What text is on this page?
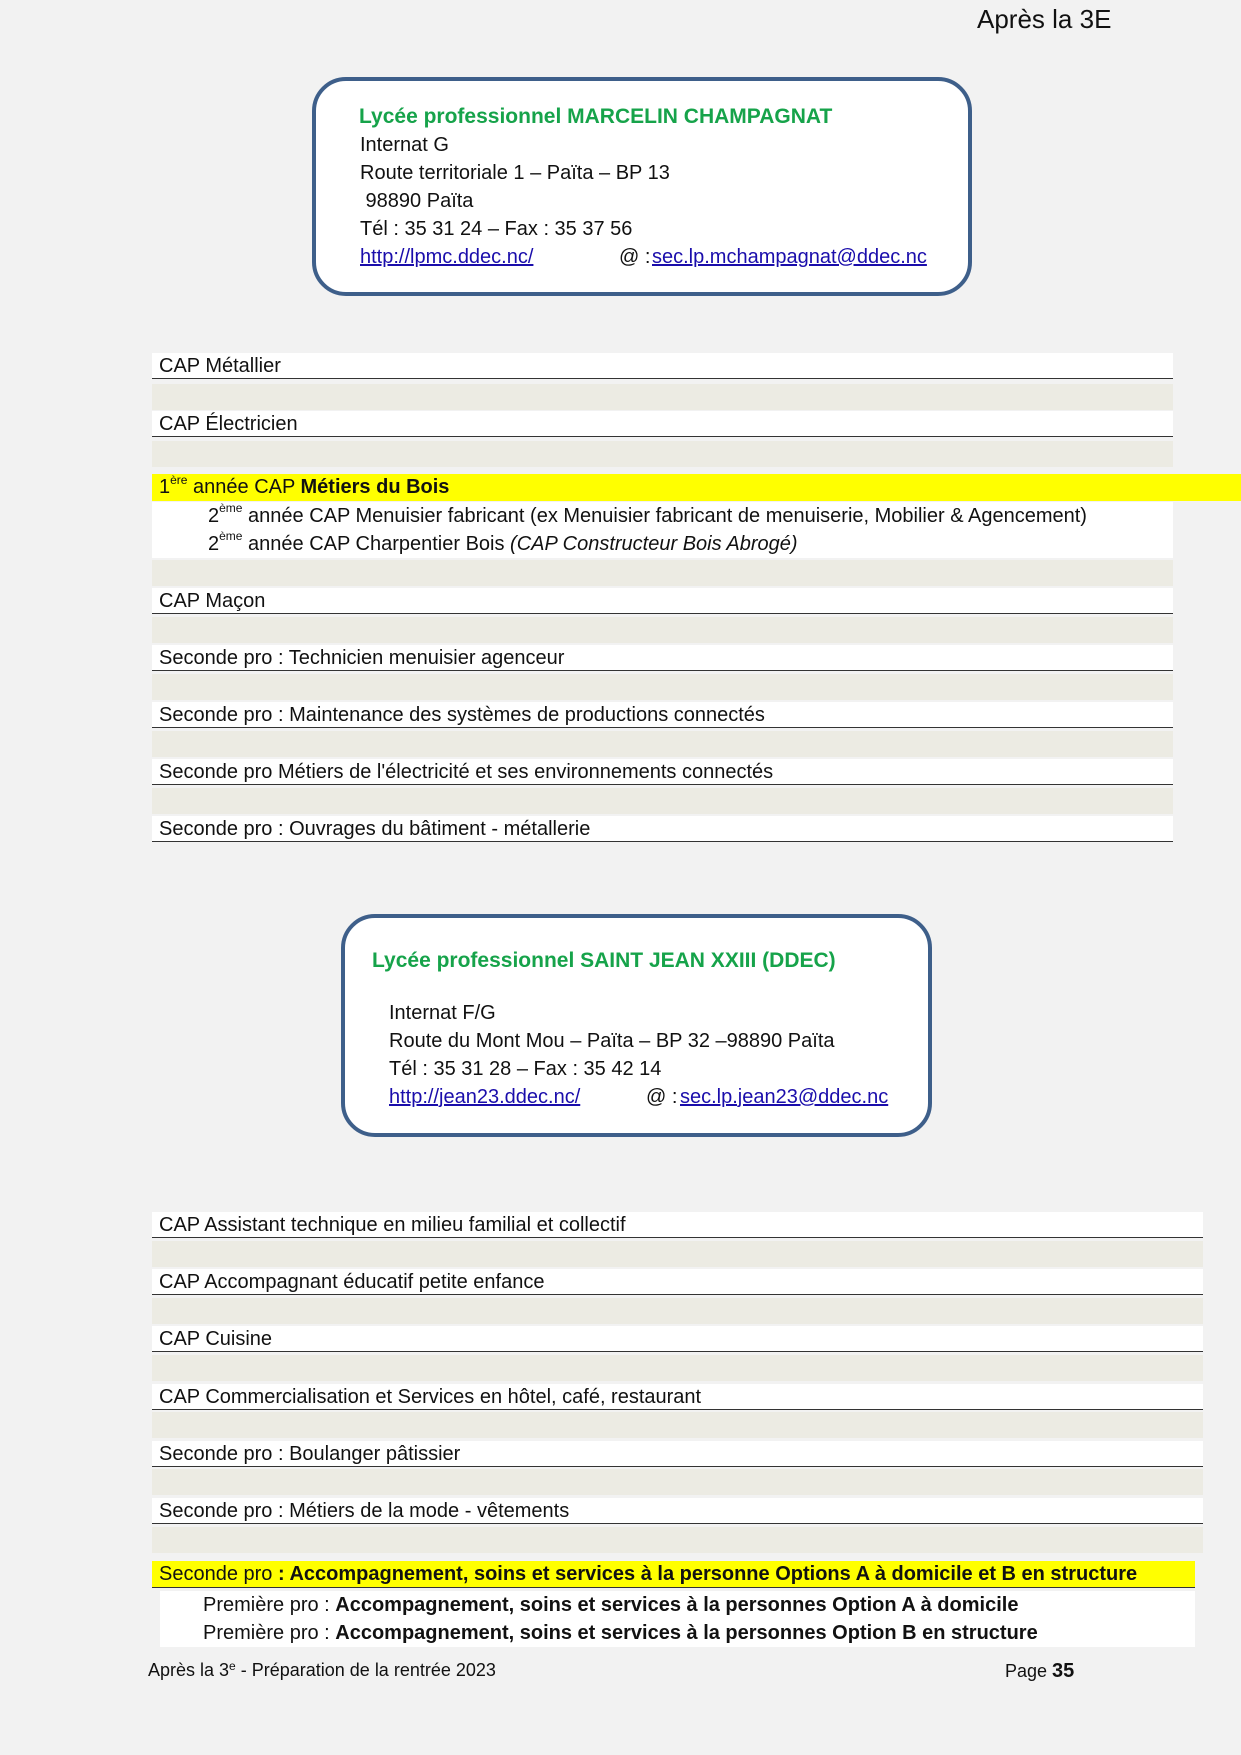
Après la 3E
Lycée professionnel MARCELIN CHAMPAGNAT
Internat G
Route territoriale 1 – Païta – BP 13
98890 Païta
Tél : 35 31 24 – Fax : 35 37 56
http://lpmc.ddec.nc/	@ : sec.lp.mchampagnat@ddec.nc
CAP Métallier
CAP Électricien
1ère année CAP Métiers du Bois
2ème année CAP Menuisier fabricant (ex Menuisier fabricant de menuiserie, Mobilier & Agencement)
2ème année CAP Charpentier Bois (CAP Constructeur Bois Abrogé)
CAP Maçon
Seconde pro : Technicien menuisier agenceur
Seconde pro : Maintenance des systèmes de productions connectés
Seconde pro Métiers de l'électricité et ses environnements connectés
Seconde pro : Ouvrages du bâtiment - métallerie
Lycée professionnel SAINT JEAN XXIII (DDEC)
Internat F/G
Route du Mont Mou – Païta – BP 32 –98890 Païta
Tél : 35 31 28 – Fax : 35 42 14
http://jean23.ddec.nc/	@ :
sec.lp.jean23@ddec.nc
CAP Assistant technique en milieu familial et collectif
CAP Accompagnant éducatif petite enfance
CAP Cuisine
CAP Commercialisation et Services en hôtel, café, restaurant
Seconde pro : Boulanger pâtissier
Seconde pro : Métiers de la mode - vêtements
Seconde pro : Accompagnement, soins et services à la personne Options A à domicile et B en structure
Première pro : Accompagnement, soins et services à la personnes Option A à domicile
Première pro : Accompagnement, soins et services à la personnes Option B en structure
Après la 3e - Préparation de la rentrée 2023	Page 35
